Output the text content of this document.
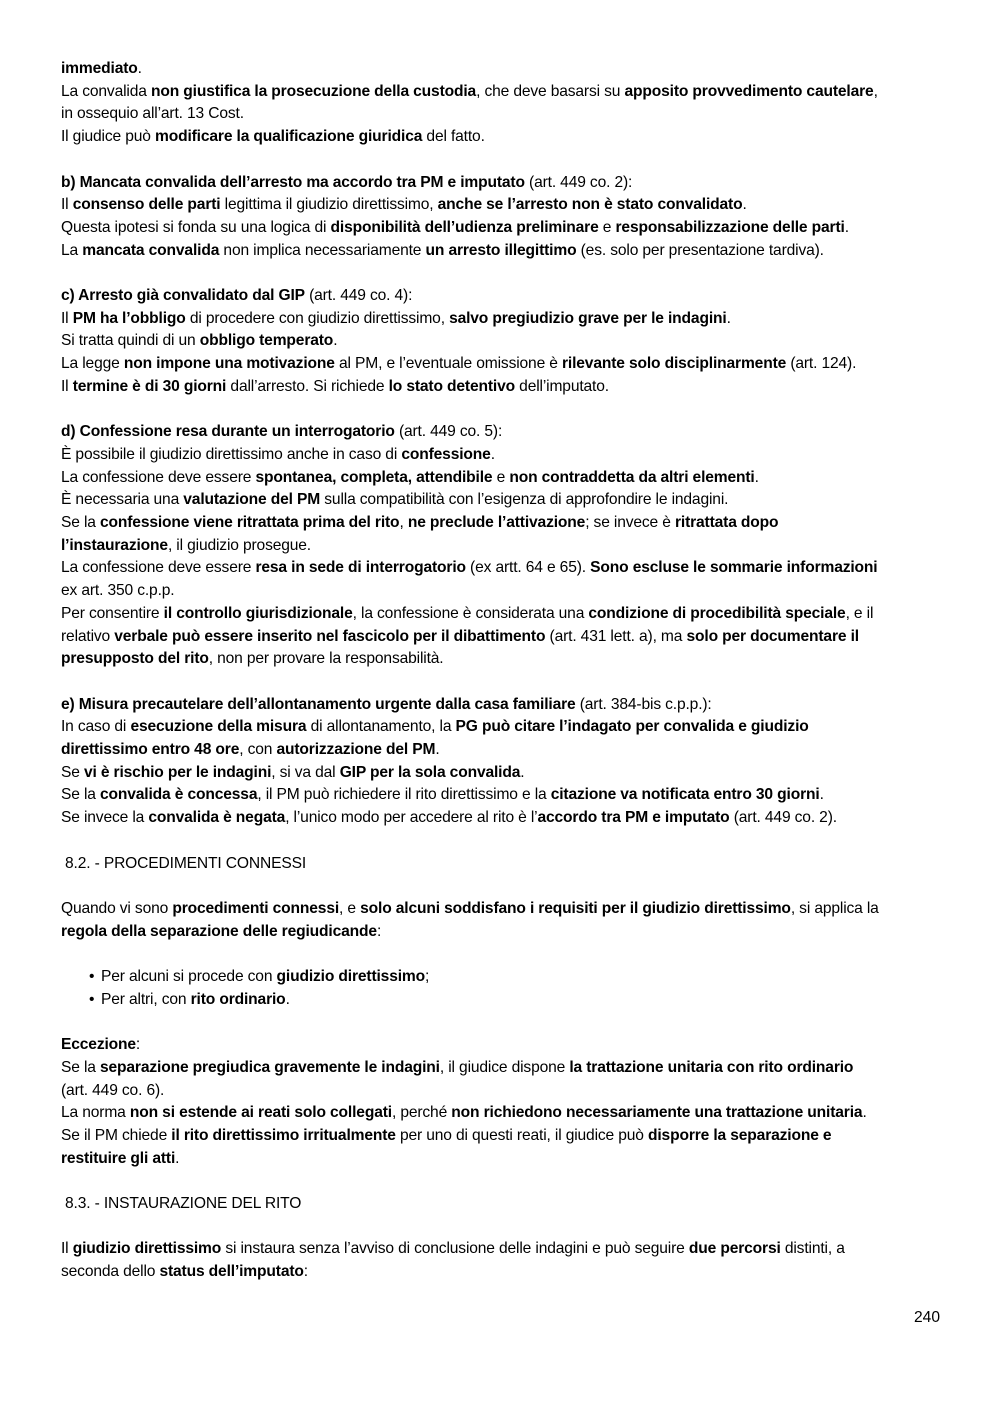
immediato.
La convalida non giustifica la prosecuzione della custodia, che deve basarsi su apposito provvedimento cautelare,
in ossequio all’art. 13 Cost.
Il giudice può modificare la qualificazione giuridica del fatto.
b) Mancata convalida dell’arresto ma accordo tra PM e imputato (art. 449 co. 2):
Il consenso delle parti legittima il giudizio direttissimo, anche se l’arresto non è stato convalidato.
Questa ipotesi si fonda su una logica di disponibilità dell’udienza preliminare e responsabilizzazione delle parti.
La mancata convalida non implica necessariamente un arresto illegittimo (es. solo per presentazione tardiva).
c) Arresto già convalidato dal GIP (art. 449 co. 4):
Il PM ha l’obbligo di procedere con giudizio direttissimo, salvo pregiudizio grave per le indagini.
Si tratta quindi di un obbligo temperato.
La legge non impone una motivazione al PM, e l’eventuale omissione è rilevante solo disciplinarmente (art. 124).
Il termine è di 30 giorni dall’arresto. Si richiede lo stato detentivo dell’imputato.
d) Confessione resa durante un interrogatorio (art. 449 co. 5):
È possibile il giudizio direttissimo anche in caso di confessione.
La confessione deve essere spontanea, completa, attendibile e non contraddetta da altri elementi.
È necessaria una valutazione del PM sulla compatibilità con l’esigenza di approfondire le indagini.
Se la confessione viene ritrattata prima del rito, ne preclude l’attivazione; se invece è ritrattata dopo
l’instaurazione, il giudizio prosegue.
La confessione deve essere resa in sede di interrogatorio (ex artt. 64 e 65). Sono escluse le sommarie informazioni
ex art. 350 c.p.p.
Per consentire il controllo giurisdizionale, la confessione è considerata una condizione di procedibilità speciale, e il
relativo verbale può essere inserito nel fascicolo per il dibattimento (art. 431 lett. a), ma solo per documentare il
presupposto del rito, non per provare la responsabilità.
e) Misura precautelare dell’allontanamento urgente dalla casa familiare (art. 384-bis c.p.p.):
In caso di esecuzione della misura di allontanamento, la PG può citare l’indagato per convalida e giudizio
direttissimo entro 48 ore, con autorizzazione del PM.
Se vi è rischio per le indagini, si va dal GIP per la sola convalida.
Se la convalida è concessa, il PM può richiedere il rito direttissimo e la citazione va notificata entro 30 giorni.
Se invece la convalida è negata, l’unico modo per accedere al rito è l’accordo tra PM e imputato (art. 449 co. 2).
8.2. - PROCEDIMENTI CONNESSI
Quando vi sono procedimenti connessi, e solo alcuni soddisfano i requisiti per il giudizio direttissimo, si applica la
regola della separazione delle regiudicande:
• Per alcuni si procede con giudizio direttissimo;
• Per altri, con rito ordinario.
Eccezione:
Se la separazione pregiudica gravemente le indagini, il giudice dispone la trattazione unitaria con rito ordinario
(art. 449 co. 6).
La norma non si estende ai reati solo collegati, perché non richiedono necessariamente una trattazione unitaria.
Se il PM chiede il rito direttissimo irritualmente per uno di questi reati, il giudice può disporre la separazione e
restituire gli atti.
8.3. - INSTAURAZIONE DEL RITO
Il giudizio direttissimo si instaura senza l’avviso di conclusione delle indagini e può seguire due percorsi distinti, a
seconda dello status dell’imputato:
240
